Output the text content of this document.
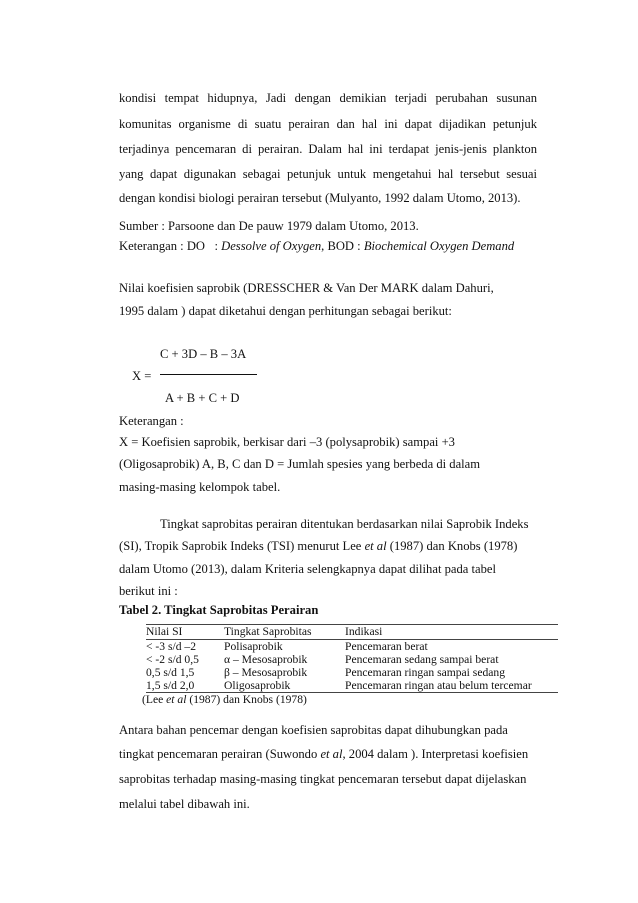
kondisi tempat hidupnya, Jadi dengan demikian terjadi perubahan susunan
komunitas organisme di suatu perairan dan hal ini dapat dijadikan petunjuk
terjadinya pencemaran di perairan. Dalam hal ini terdapat jenis-jenis plankton
yang dapat digunakan sebagai petunjuk untuk mengetahui hal tersebut sesuai
dengan kondisi biologi perairan tersebut (Mulyanto, 1992 dalam Utomo, 2013).
Sumber : Parsoone dan De pauw 1979 dalam Utomo, 2013.
Keterangan : DO   : Dessolve of Oxygen, BOD : Biochemical Oxygen Demand
Nilai koefisien saprobik (DRESSCHER & Van Der MARK dalam Dahuri,
1995 dalam ) dapat diketahui dengan perhitungan sebagai berikut:
C + 3D – B – 3A
X =
A + B + C + D
Keterangan :
X = Koefisien saprobik, berkisar dari –3 (polysaprobik) sampai +3
(Oligosaprobik) A, B, C dan D = Jumlah spesies yang berbeda di dalam
masing-masing kelompok tabel.
Tingkat saprobitas perairan ditentukan berdasarkan nilai Saprobik Indeks
(SI), Tropik Saprobik Indeks (TSI) menurut Lee et al (1987) dan Knobs (1978)
dalam Utomo (2013), dalam Kriteria selengkapnya dapat dilihat pada tabel
berikut ini :
Tabel 2. Tingkat Saprobitas Perairan
Nilai SI	Tingkat Saprobitas	Indikasi
< -3 s/d –2	Polisaprobik	Pencemaran berat
< -2 s/d 0,5	α – Mesosaprobik	Pencemaran sedang sampai berat
0,5 s/d 1,5	β – Mesosaprobik	Pencemaran ringan sampai sedang
1,5 s/d 2,0	Oligosaprobik	Pencemaran ringan atau belum tercemar
(Lee et al (1987) dan Knobs (1978)
Antara bahan pencemar dengan koefisien saprobitas dapat dihubungkan pada
tingkat pencemaran perairan (Suwondo et al, 2004 dalam ). Interpretasi koefisien
saprobitas terhadap masing-masing tingkat pencemaran tersebut dapat dijelaskan
melalui tabel dibawah ini.
